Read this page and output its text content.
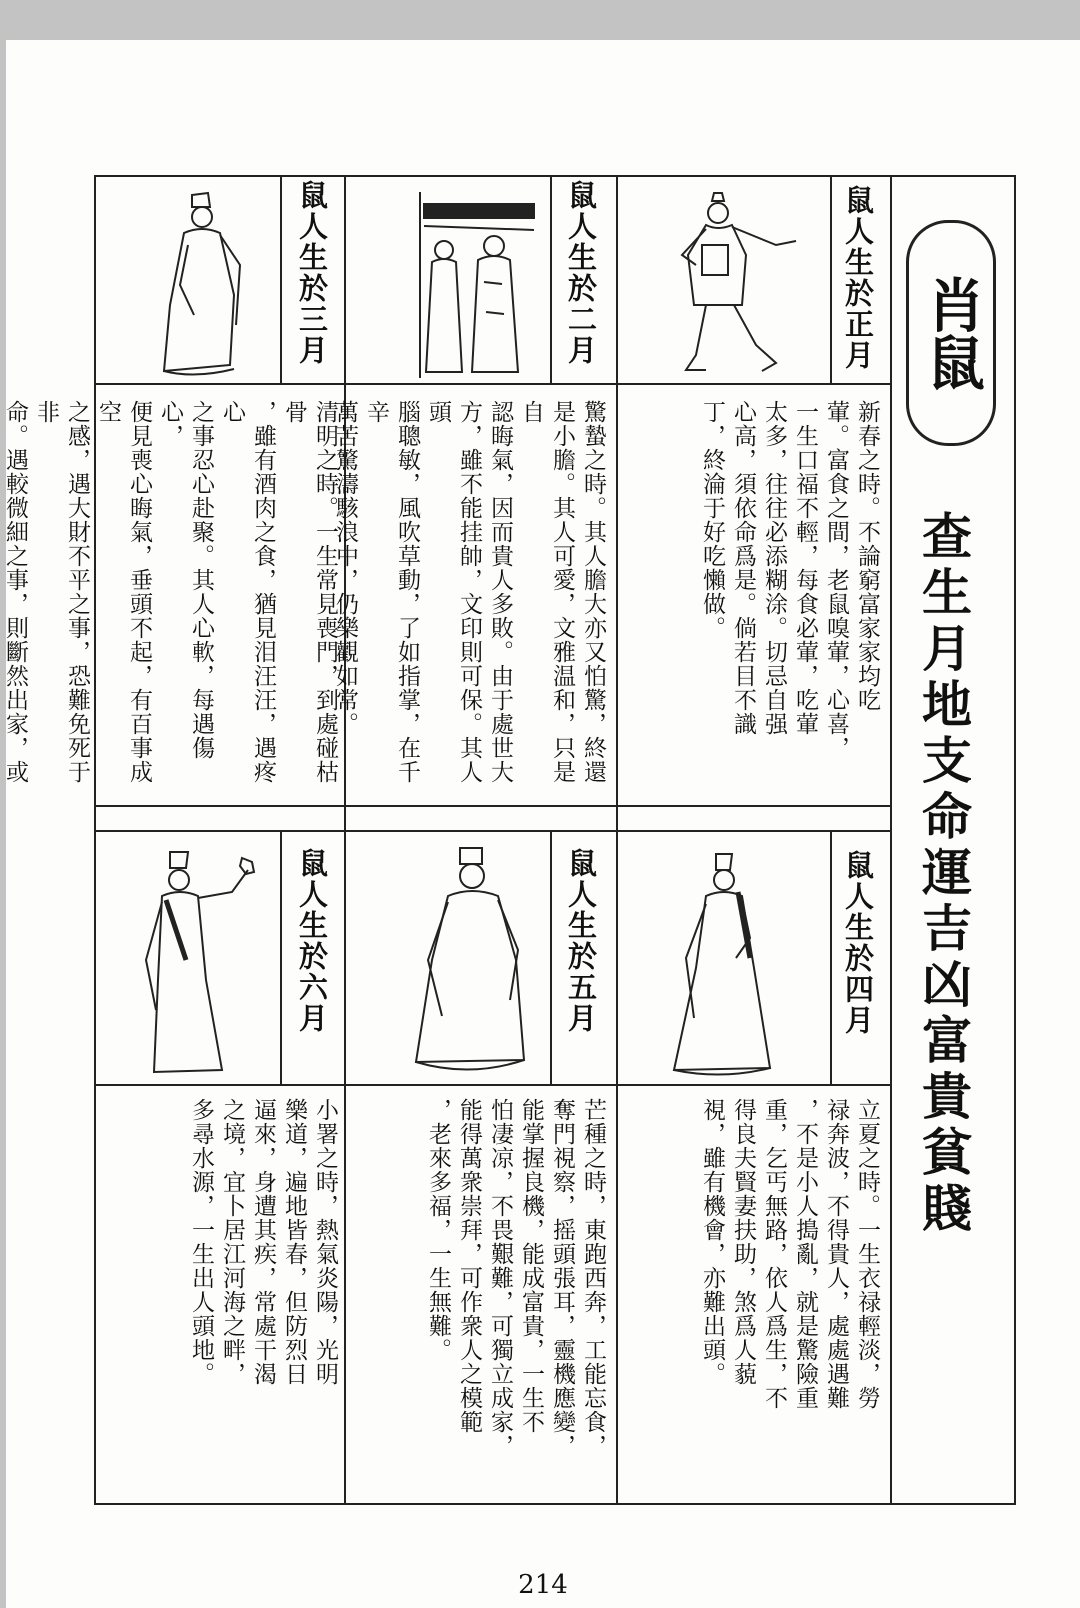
肖鼠
查生月地支命運吉凶富貴貧賤
鼠人生於正月
鼠人生於二月
鼠人生於三月
鼠人生於四月
鼠人生於五月
鼠人生於六月

新春之時。不論窮富家家均吃

葷。富食之間，老鼠嗅葷，心喜，

一生口福不輕，每食必葷，吃葷

太多，往往必添糊涂。切忌自强

心高，須依命爲是。倘若目不識

丁，終淪于好吃懶做。

驚蟄之時。其人膽大亦又怕驚，終還

是小膽。其人可愛，文雅温和，只是自

認晦氣，因而貴人多敗。由于處世大

方，雖不能挂帥，文印則可保。其人頭

腦聰敏，風吹草動，了如指掌，在千辛

萬苦驚濤駭浪中，仍樂觀如常。

清明之時。一生常見喪門，到處碰枯骨

，雖有酒肉之食，猶見泪汪汪，遇疼心

之事忍心赴聚。其人心軟，每遇傷心，

便見喪心晦氣，垂頭不起，有百事成空

之感，遇大財不平之事，恐難免死于非

命。遇較微細之事，則斷然出家，或

立夏之時。一生衣禄輕淡，勞

禄奔波，不得貴人，處處遇難

，不是小人搗亂，就是驚險重

重，乞丐無路，依人爲生，不

得良夫賢妻扶助，煞爲人藐

視，雖有機會，亦難出頭。

芒種之時，東跑西奔，工能忘食，

奪門視察，摇頭張耳，靈機應變，

能掌握良機，能成富貴，一生不

怕凄凉，不畏艱難，可獨立成家，

能得萬衆崇拜，可作衆人之模範

，老來多福，一生無難。

小署之時，熱氣炎陽，光明

樂道，遍地皆春，但防烈日

逼來，身遭其疾，常處干渴

之境，宜卜居江河海之畔，

多尋水源，一生出人頭地。

214
